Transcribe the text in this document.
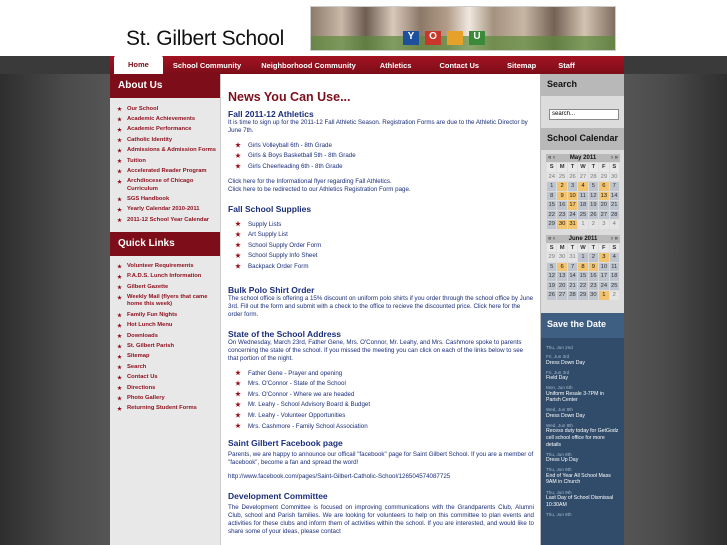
St. Gilbert School	Y	O	U
Home	School Community	Neighborhood Community	Athletics	Contact Us	Sitemap	Staff
About Us
Our School
Academic Achievements
Academic Performance
Catholic Identity
Admissions & Admission Forms
Tuition
Accelerated Reader Program
Archdiocese of Chicago Curriculum
SGS Handbook
Yearly Calendar 2010-2011
2011-12 School Year Calendar
Quick Links
Volunteer Requirements
P.A.D.S. Lunch Information
Gilbert Gazette
Weekly Mail (flyers that came home this week)
Family Fun Nights
Hot Lunch Menu
Downloads
St. Gilbert Parish
Sitemap
Search
Contact Us
Directions
Photo Gallery
Returning Student Forms
News You Can Use...
Fall 2011-12 Athletics

It is time to sign up for the 2011-12 Fall Athletic Season. Registration Forms are due to the Athletic Director by June 7th.

Girls Volleyball 6th - 8th Grade
Girls & Boys Basketball 5th - 8th Grade
Girls Cheerleading 6th - 8th Grade

Click here for the Informational flyer regarding Fall Athletics.

Click here to be redirected to our Athletics Registration Form page.

Fall School Supplies
Supply Lists
Art Supply List
School Supply Order Form
School Supply Info Sheet
Backpack Order Form
Bulk Polo Shirt Order

The school office is offering a 15% discount on uniform polo shirts if you order through the school office by June 3rd. Fill out the form and submit with a check to the office to recieve the discounted price. Click here for the order form.

State of the School Address

On Wednesday, March 23rd, Father Gene, Mrs. O'Connor, Mr. Leahy, and Mrs. Cashmore spoke to parents concerning the state of the school. If you missed the meeting you can click on each of the links below to see that portion of the night.

Father Gene - Prayer and opening
Mrs. O'Connor - State of the School
Mrs. O'Connor - Where we are headed
Mr. Leahy - School Advisory Board & Budget
Mr. Leahy - Volunteer Opportunities
Mrs. Cashmore - Family School Association
Saint Gilbert Facebook page

Parents, we are happy to announce our officail "facebook" page for Saint Gilbert School. If you are a member of "facebook", become a fan and spread the word!

http://www.facebook.com/pages/Saint-Gilbert-Catholic-School/126504574087725

Development Committee

The Development Committee is focused on improving communications with the Grandparents Club, Alumni Club, school and Parish families. We are looking for volunteers to help on this committee to plan events and activities for these clubs and inform them of activities within the school. If you are interested, and would like to share some of your ideas, please contact

Search
search...
School Calendar
« ‹ May 2011 › »
S	M	T	W	T	F	S
24	25	26	27	28	29	30
1	2	3	4	5	6	7
8	9	10	11	12	13	14
15	16	17	18	19	20	21
22	23	24	25	26	27	28
29	30	31	1	2	3	4
« ‹ June 2011 › »
S	M	T	W	T	F	S
29	30	31	1	2	3	4
5	6	7	8	9	10	11
12	13	14	15	16	17	18
19	20	21	22	23	24	25
26	27	28	29	30	1	2
Save the Date
Thu, Jun 2nd
Fri, Jun 3rd
Dress Down Day
Fri, Jun 3rd
Field Day
Mon, Jun 6th
Uniform Resale 3-7PM in Parish Center
Wed, Jun 8th
Dress Down Day
Wed, Jun 8th
Recess duty today for GetGodz cell school office for more details
Thu, Jun 9th
Dress Up Day
Thu, Jun 9th
End of Year All School Mass 9AM in Church
Thu, Jun 9th
Last Day of School Dismissal 10:30AM
Thu, Jun 9th
